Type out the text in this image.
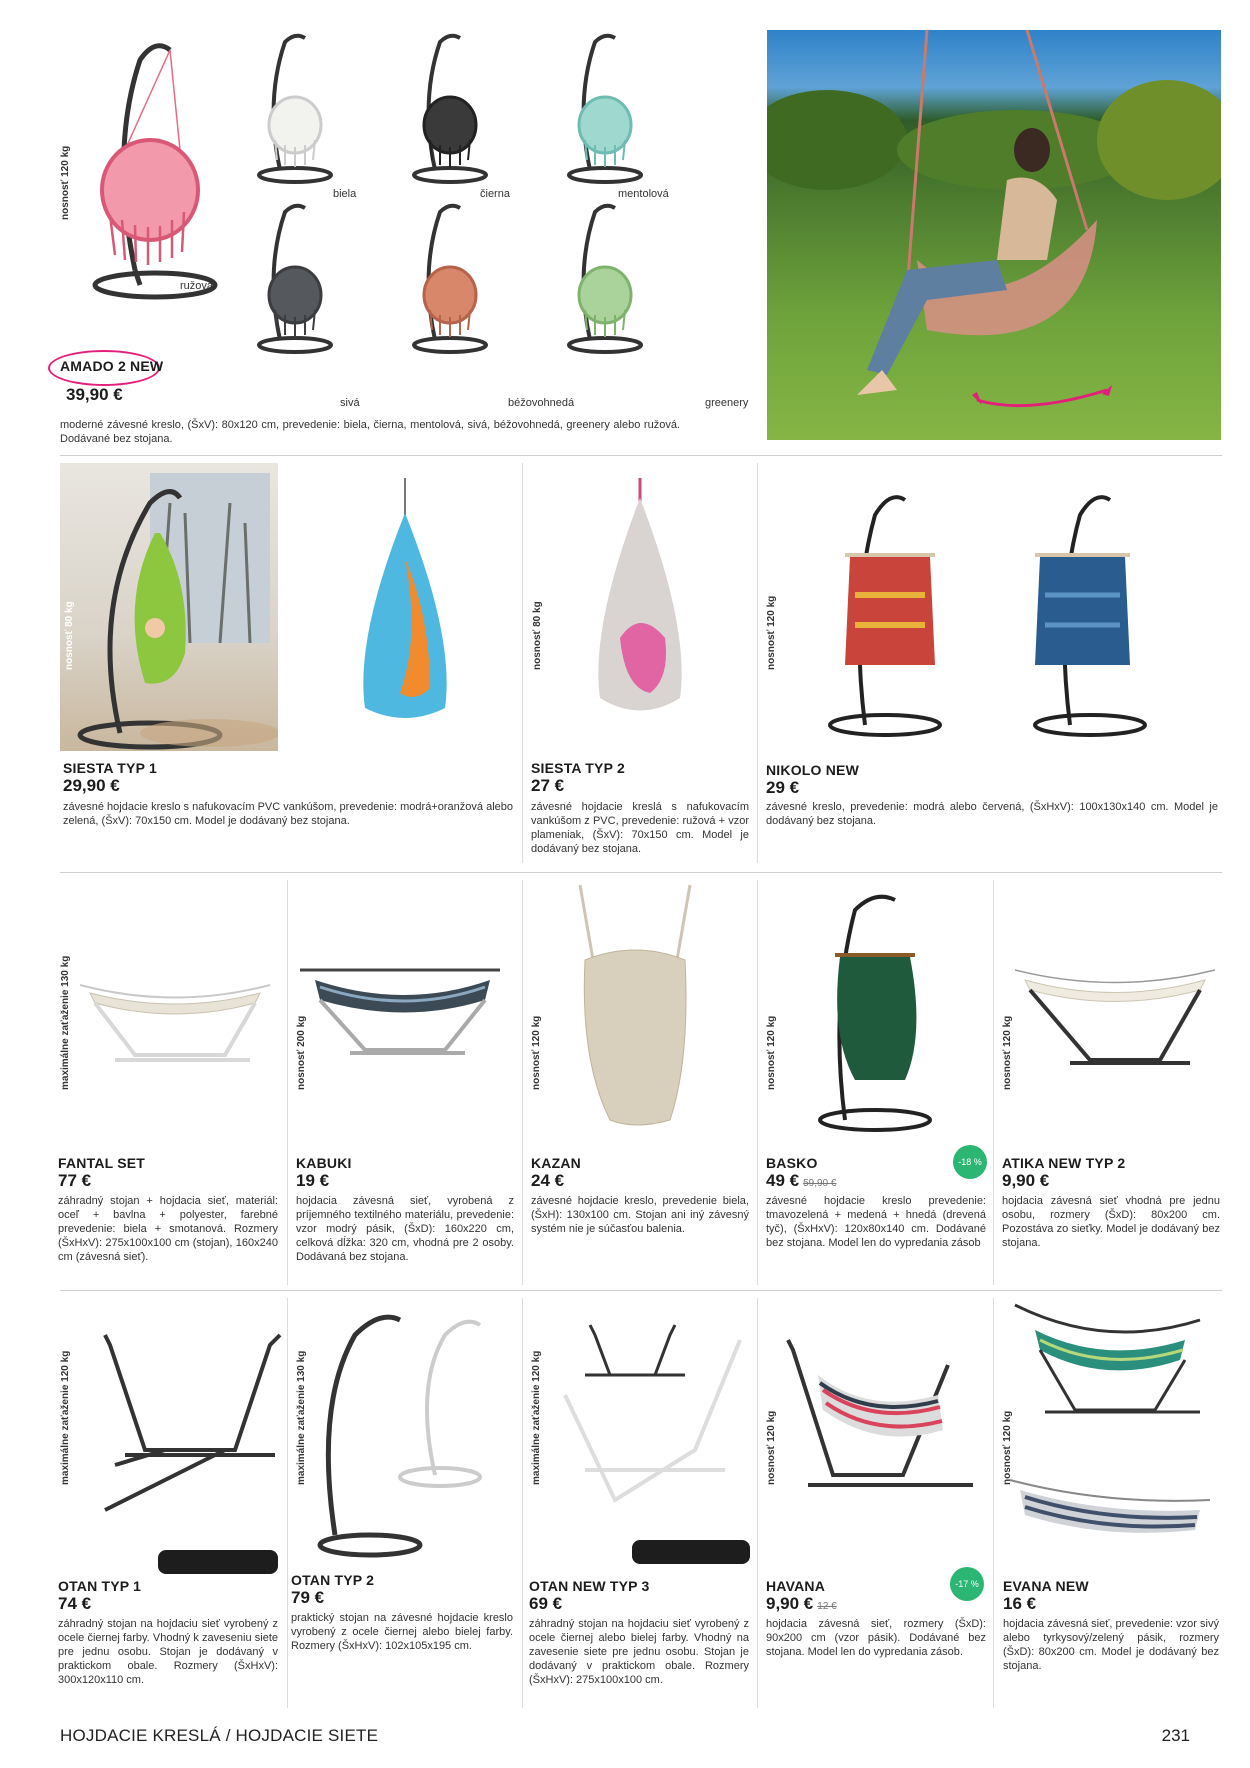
nosnosť 120 kg
ružová
biela	čierna	mentolová
sivá	béžovohnedá	greenery
AMADO 2 NEW
39,90 €
moderné závesné kreslo, (ŠxV): 80x120 cm, prevedenie: biela, čierna, mentolová, sivá, béžovohnedá, greenery alebo ružová. Dodávané bez stojana.
nosnosť 80 kg	nosnosť 80 kg	nosnosť 120 kg
SIESTA TYP 1
29,90 €
závesné hojdacie kreslo s nafukovacím PVC vankúšom, prevedenie: modrá+oranžová alebo zelená, (ŠxV): 70x150 cm. Model je dodávaný bez stojana.
SIESTA TYP 2
27 €
závesné hojdacie kreslá s nafukovacím vankúšom z PVC, prevedenie: ružová + vzor plameniak, (ŠxV): 70x150 cm. Model je dodávaný bez stojana.
NIKOLO NEW
29 €
závesné kreslo, prevedenie: modrá alebo červená, (ŠxHxV): 100x130x140 cm. Model je dodávaný bez stojana.
maximálne zaťaženie 130 kg	nosnosť 200 kg	nosnosť 120 kg	nosnosť 120 kg
-18 %
nosnosť 120 kg
FANTAL SET
77 €
záhradný stojan + hojdacia sieť, materiál: oceľ + bavlna + polyester, farebné prevedenie: biela + smotanová. Rozmery (ŠxHxV): 275x100x100 cm (stojan), 160x240 cm (závesná sieť).
KABUKI
19 €
hojdacia závesná sieť, vyrobená z príjemného textilného materiálu, prevedenie: vzor modrý pásik, (ŠxD): 160x220 cm, celková dĺžka: 320 cm, vhodná pre 2 osoby. Dodávaná bez stojana.
KAZAN
24 €
závesné hojdacie kreslo, prevedenie biela, (ŠxH): 130x100 cm. Stojan ani iný závesný systém nie je súčasťou balenia.
BASKO
49 € 59,90 €
závesné hojdacie kreslo prevedenie: tmavozelená + medená + hnedá (drevená tyč), (ŠxHxV): 120x80x140 cm. Dodávané bez stojana. Model len do vypredania zásob
ATIKA NEW TYP 2
9,90 €
hojdacia závesná sieť vhodná pre jednu osobu, rozmery (ŠxD): 80x200 cm. Pozostáva zo sieťky. Model je dodávaný bez stojana.
maximálne zaťaženie 120 kg	maximálne zaťaženie 130 kg	maximálne zaťaženie 120 kg	nosnosť 120 kg
-17 %
nosnosť 120 kg
OTAN TYP 1
74 €
záhradný stojan na hojdaciu sieť vyrobený z ocele čiernej farby. Vhodný k zaveseniu siete pre jednu osobu. Stojan je dodávaný v praktickom obale. Rozmery (ŠxHxV): 300x120x110 cm.
OTAN TYP 2
79 €
praktický stojan na závesné hojdacie kreslo vyrobený z ocele čiernej alebo bielej farby. Rozmery (ŠxHxV): 102x105x195 cm.
OTAN NEW TYP 3
69 €
záhradný stojan na hojdaciu sieť vyrobený z ocele čiernej alebo bielej farby. Vhodný na zavesenie siete pre jednu osobu. Stojan je dodávaný v praktickom obale. Rozmery (ŠxHxV): 275x100x100 cm.
HAVANA
9,90 € 12 €
hojdacia závesná sieť, rozmery (ŠxD): 90x200 cm (vzor pásik). Dodávané bez stojana. Model len do vypredania zásob.
EVANA NEW
16 €
hojdacia závesná sieť, prevedenie: vzor sivý alebo tyrkysový/zelený pásik, rozmery (ŠxD): 80x200 cm. Model je dodávaný bez stojana.
HOJDACIE KRESLÁ / HOJDACIE SIETE	231
